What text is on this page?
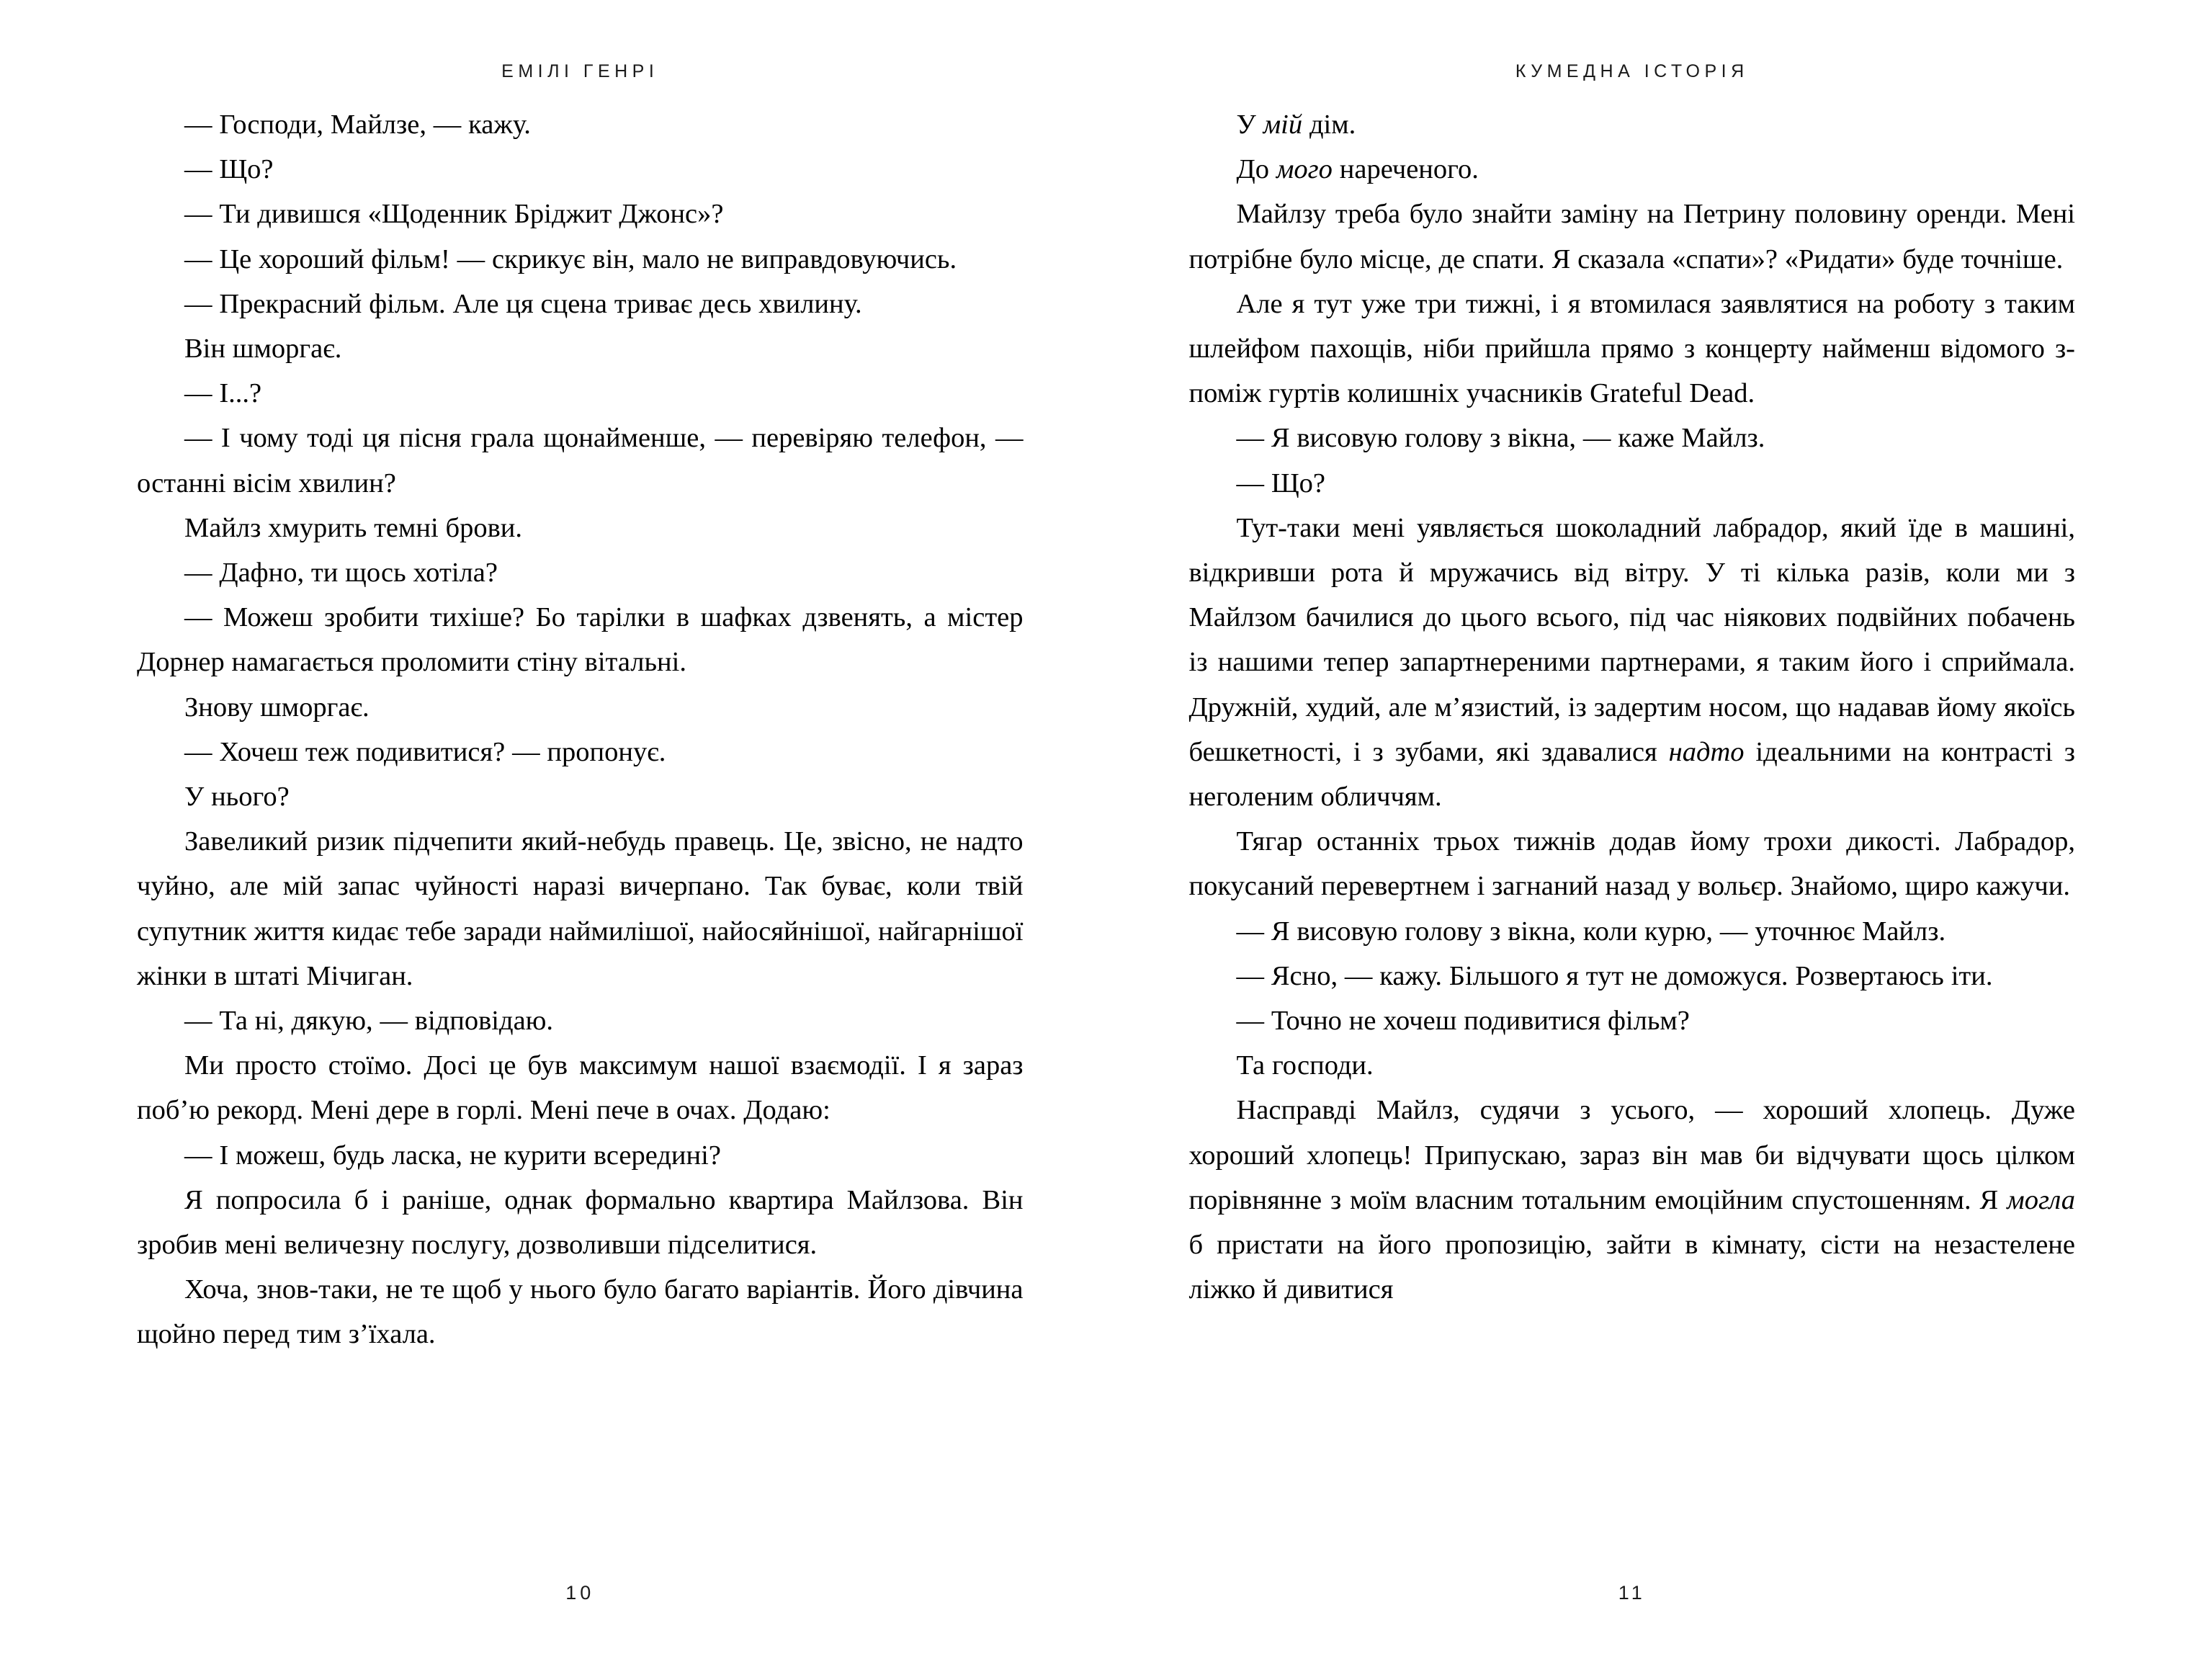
ЕМІЛІ ГЕНРІ

— Господи, Майлзе, — кажу.

— Що?

— Ти дивишся «Щоденник Бріджит Джонс»?

— Це хороший фільм! — скрикує він, мало не виправдовуючись.

— Прекрасний фільм. Але ця сцена триває десь хвилину.

Він шморгає.

— І...?

— І чому тоді ця пісня грала щонайменше, — перевіряю телефон, — останні вісім хвилин?

Майлз хмурить темні брови.

— Дафно, ти щось хотіла?

— Можеш зробити тихіше? Бо тарілки в шафках дзвенять, а містер Дорнер намагається проломити стіну вітальні.

Знову шморгає.

— Хочеш теж подивитися? — пропонує.

У нього?

Завеликий ризик підчепити який-небудь правець. Це, звісно, не надто чуйно, але мій запас чуйності наразі вичерпано. Так буває, коли твій супутник життя кидає тебе заради наймилішої, найосяйнішої, найгарнішої жінки в штаті Мічиган.

— Та ні, дякую, — відповідаю.

Ми просто стоїмо. Досі це був максимум нашої взаємодії. І я зараз поб’ю рекорд. Мені дере в горлі. Мені пече в очах. Додаю:

— І можеш, будь ласка, не курити всередині?

Я попросила б і раніше, однак формально квартира Майлзова. Він зробив мені величезну послугу, дозволивши підселитися.

Хоча, знов-таки, не те щоб у нього було багато варіантів. Його дівчина щойно перед тим з’їхала.

10
КУМЕДНА ІСТОРІЯ

У мій дім.

До мого нареченого.

Майлзу треба було знайти заміну на Петрину половину оренди. Мені потрібне було місце, де спати. Я сказала «спати»? «Ридати» буде точніше.

Але я тут уже три тижні, і я втомилася заявлятися на роботу з таким шлейфом пахощів, ніби прийшла прямо з концерту найменш відомого з-поміж гуртів колишніх учасників Grateful Dead.

— Я висовую голову з вікна, — каже Майлз.

— Що?

Тут-таки мені уявляється шоколадний лабрадор, який їде в машині, відкривши рота й мружачись від вітру. У ті кілька разів, коли ми з Майлзом бачилися до цього всього, під час ніякових подвійних побачень із нашими тепер запартнереними партнерами, я таким його і сприймала. Дружній, худий, але м’язистий, із задертим носом, що надавав йому якоїсь бешкетності, і з зубами, які здавалися надто ідеальними на контрасті з неголеним обличчям.

Тягар останніх трьох тижнів додав йому трохи дикості. Лабрадор, покусаний перевертнем і загнаний назад у вольєр. Знайомо, щиро кажучи.

— Я висовую голову з вікна, коли курю, — уточнює Майлз.

— Ясно, — кажу. Більшого я тут не доможуся. Розвертаюсь іти.

— Точно не хочеш подивитися фільм?

Та господи.

Насправді Майлз, судячи з усього, — хороший хлопець. Дуже хороший хлопець! Припускаю, зараз він мав би відчувати щось цілком порівнянне з моїм власним тотальним емоційним спустошенням. Я могла б пристати на його пропозицію, зайти в кімнату, сісти на незастелене ліжко й дивитися

11
